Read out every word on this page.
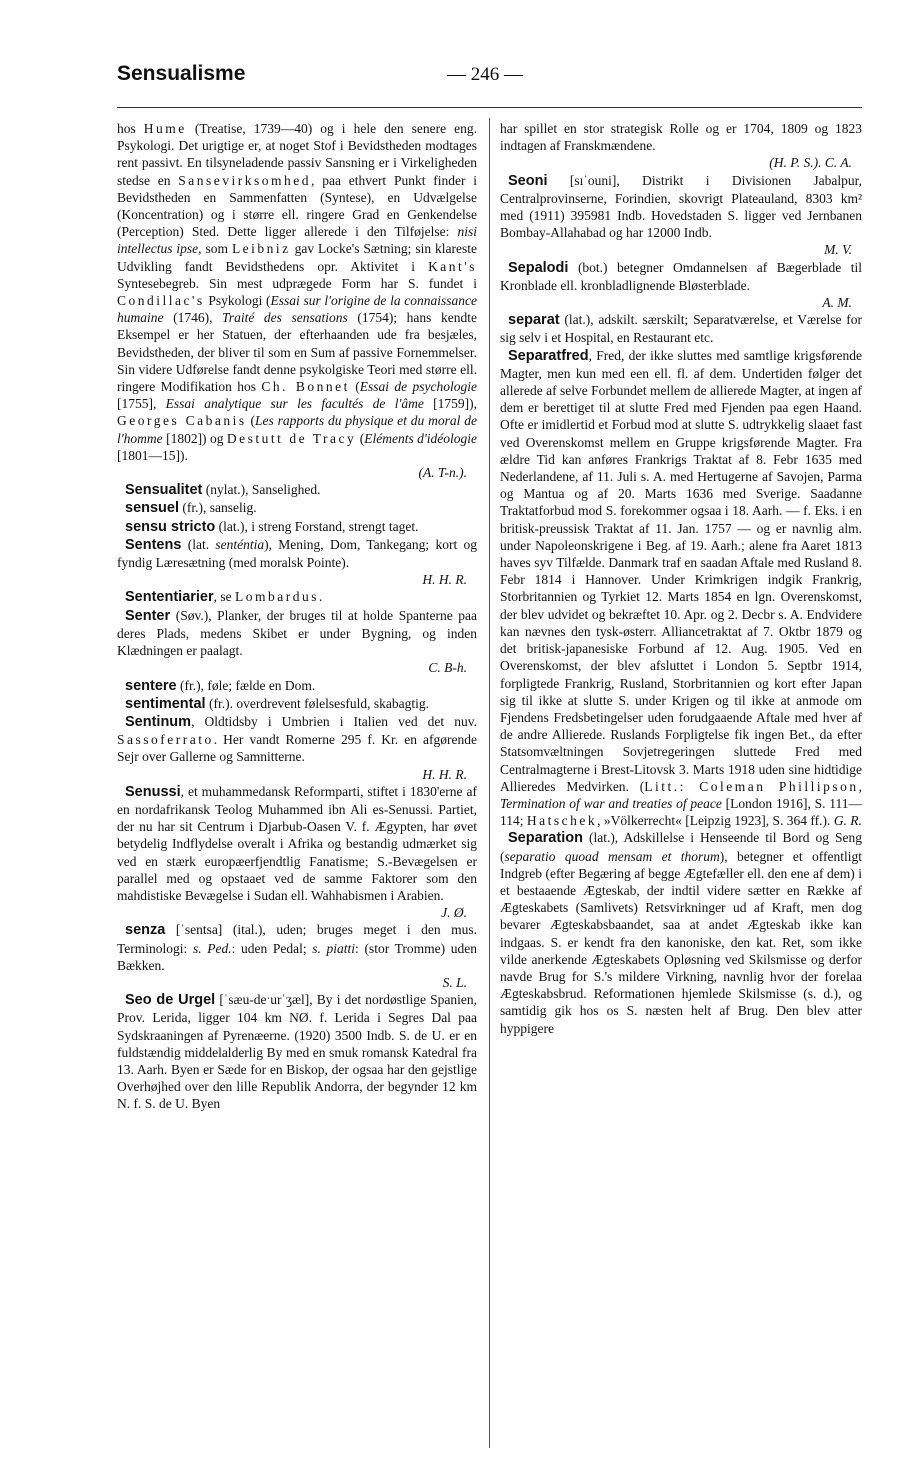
Sensualisme	— 246 —

hos Hume (Treatise, 1739—40) og i hele den senere eng. Psykologi. Det urigtige er, at noget Stof i Bevidstheden modtages rent passivt. En tilsyneladende passiv Sansning er i Virkeligheden stedse en Sansevirksomhed, paa ethvert Punkt finder i Bevidstheden en Sammenfatten (Syntese), en Udvælgelse (Koncentration) og i større ell. ringere Grad en Genkendelse (Perception) Sted. Dette ligger allerede i den Tilføjelse: nisi intellectus ipse, som Leibniz gav Locke's Sætning; sin klareste Udvikling fandt Bevidsthedens opr. Aktivitet i Kant's Syntesebegreb. Sin mest udprægede Form har S. fundet i Condillac's Psykologi (Essai sur l'origine de la connaissance humaine (1746), Traité des sensations (1754); hans kendte Eksempel er her Statuen, der efterhaanden ude fra besjæles, Bevidstheden, der bliver til som en Sum af passive Fornemmelser. Sin videre Udførelse fandt denne psykolgiske Teori med større ell. ringere Modifikation hos Ch. Bonnet (Essai de psychologie [1755], Essai analytique sur les facultés de l'âme [1759]), Georges Cabanis (Les rapports du physique et du moral de l'homme [1802]) og Destutt de Tracy (Eléments d'idéologie [1801—15]).
(A. T-n.).

Sensualitet (nylat.), Sanselighed.

sensuel (fr.), sanselig.

sensu stricto (lat.), i streng Forstand, strengt taget.

Sentens (lat. senténtia), Mening, Dom, Tankegang; kort og fyndig Læresætning (med moralsk Pointe).
H. H. R.

Sententiarier, se Lombardus.

Senter (Søv.), Planker, der bruges til at holde Spanterne paa deres Plads, medens Skibet er under Bygning, og inden Klædningen er paalagt.
C. B-h.

sentere (fr.), føle; fælde en Dom.

sentimental (fr.). overdrevent følelsesfuld, skabagtig.

Sentinum, Oldtidsby i Umbrien i Italien ved det nuv. Sassoferrato. Her vandt Romerne 295 f. Kr. en afgørende Sejr over Gallerne og Samnitterne.
H. H. R.

Senussi, et muhammedansk Reformparti, stiftet i 1830'erne af en nordafrikansk Teolog Muhammed ibn Ali es-Senussi. Partiet, der nu har sit Centrum i Djarbub-Oasen V. f. Ægypten, har øvet betydelig Indflydelse overalt i Afrika og bestandig udmærket sig ved en stærk europæerfjendtlig Fanatisme; S.-Bevægelsen er parallel med og opstaaet ved de samme Faktorer som den mahdistiske Bevægelse i Sudan ell. Wahhabismen i Arabien.
J. Ø.

senza [ˈsentsa] (ital.), uden; bruges meget i den mus. Terminologi: s. Ped.: uden Pedal; s. piatti: (stor Tromme) uden Bækken.
S. L.

Seo de Urgel [ˈsæu-deˑurˈʒæl], By i det nordøstlige Spanien, Prov. Lerida, ligger 104 km NØ. f. Lerida i Segres Dal paa Sydskraaningen af Pyrenæerne. (1920) 3500 Indb. S. de U. er en fuldstændig middelalderlig By med en smuk romansk Katedral fra 13. Aarh. Byen er Sæde for en Biskop, der ogsaa har den gejstlige Overhøjhed over den lille Republik Andorra, der begynder 12 km N. f. S. de U. Byen

har spillet en stor strategisk Rolle og er 1704, 1809 og 1823 indtagen af Franskmændene.
(H. P. S.). C. A.

Seoni [sıˈouni], Distrikt i Divisionen Jabalpur, Centralprovinserne, Forindien, skovrigt Plateauland, 8303 km² med (1911) 395981 Indb. Hovedstaden S. ligger ved Jernbanen Bombay-Allahabad og har 12000 Indb.
M. V.

Sepalodi (bot.) betegner Omdannelsen af Bægerblade til Kronblade ell. kronbladlignende Bløsterblade.
A. M.

separat (lat.), adskilt. særskilt; Separatværelse, et Værelse for sig selv i et Hospital, en Restaurant etc.

Separatfred, Fred, der ikke sluttes med samtlige krigsførende Magter, men kun med een ell. fl. af dem. Undertiden følger det allerede af selve Forbundet mellem de allierede Magter, at ingen af dem er berettiget til at slutte Fred med Fjenden paa egen Haand. Ofte er imidlertid et Forbud mod at slutte S. udtrykkelig slaaet fast ved Overenskomst mellem en Gruppe krigsførende Magter. Fra ældre Tid kan anføres Frankrigs Traktat af 8. Febr 1635 med Nederlandene, af 11. Juli s. A. med Hertugerne af Savojen, Parma og Mantua og af 20. Marts 1636 med Sverige. Saadanne Traktatforbud mod S. forekommer ogsaa i 18. Aarh. — f. Eks. i en britisk-preussisk Traktat af 11. Jan. 1757 — og er navnlig alm. under Napoleonskrigene i Beg. af 19. Aarh.; alene fra Aaret 1813 haves syv Tilfælde. Danmark traf en saadan Aftale med Rusland 8. Febr 1814 i Hannover. Under Krimkrigen indgik Frankrig, Storbritannien og Tyrkiet 12. Marts 1854 en lgn. Overenskomst, der blev udvidet og bekræftet 10. Apr. og 2. Decbr s. A. Endvidere kan nævnes den tysk-østerr. Alliancetraktat af 7. Oktbr 1879 og det britisk-japanesiske Forbund af 12. Aug. 1905. Ved en Overenskomst, der blev afsluttet i London 5. Septbr 1914, forpligtede Frankrig, Rusland, Storbritannien og kort efter Japan sig til ikke at slutte S. under Krigen og til ikke at anmode om Fjendens Fredsbetingelser uden forudgaaende Aftale med hver af de andre Allierede. Ruslands Forpligtelse fik ingen Bet., da efter Statsomvæltningen Sovjetregeringen sluttede Fred med Centralmagterne i Brest-Litovsk 3. Marts 1918 uden sine hidtidige Allieredes Medvirken. (Litt.: Coleman Phillipson, Termination of war and treaties of peace [London 1916], S. 111—114; Hatschek, »Völkerrecht« [Leipzig 1923], S. 364 ff.). G. R.

Separation (lat.), Adskillelse i Henseende til Bord og Seng (separatio quoad mensam et thorum), betegner et offentligt Indgreb (efter Begæring af begge Ægtefæller ell. den ene af dem) i et bestaaende Ægteskab, der indtil videre sætter en Række af Ægteskabets (Samlivets) Retsvirkninger ud af Kraft, men dog bevarer Ægteskabsbaandet, saa at andet Ægteskab ikke kan indgaas. S. er kendt fra den kanoniske, den kat. Ret, som ikke vilde anerkende Ægteskabets Opløsning ved Skilsmisse og derfor navde Brug for S.'s mildere Virkning, navnlig hvor der forelaa Ægteskabsbrud. Reformationen hjemlede Skilsmisse (s. d.), og samtidig gik hos os S. næsten helt af Brug. Den blev atter hyppigere
